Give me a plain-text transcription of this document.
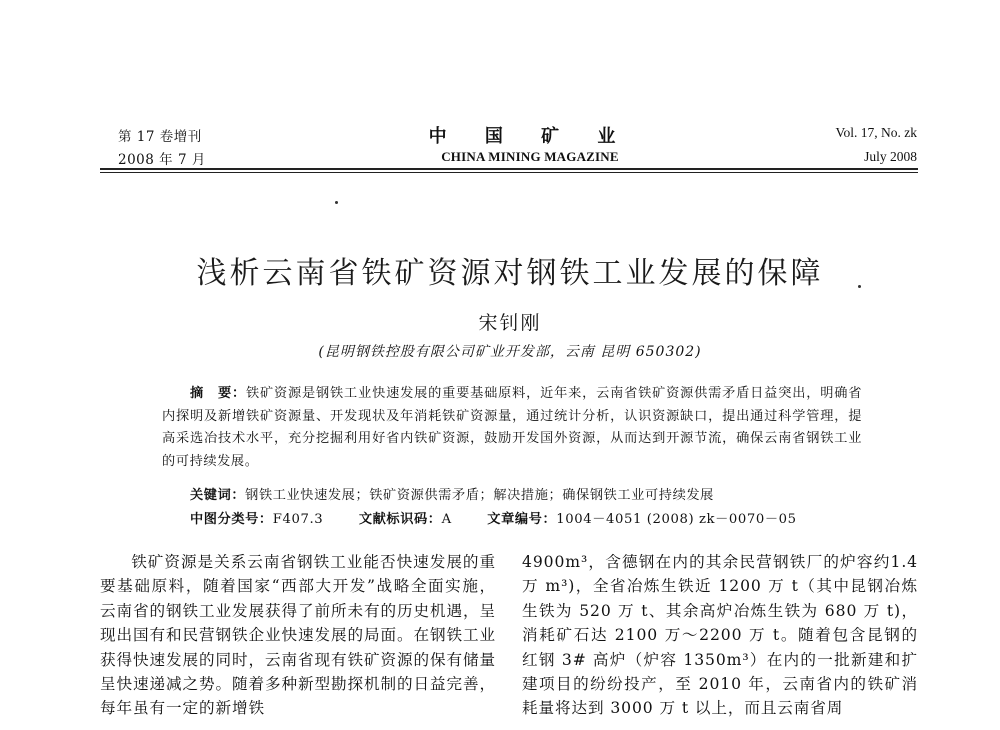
第 17 卷增刊
2008 年 7 月
中 国 矿 业
CHINA MINING MAGAZINE
Vol. 17, No. zk
July 2008
浅析云南省铁矿资源对钢铁工业发展的保障
宋钊刚
(昆明钢铁控股有限公司矿业开发部，云南 昆明 650302)
摘　要：铁矿资源是钢铁工业快速发展的重要基础原料，近年来，云南省铁矿资源供需矛盾日益突出，明确省内探明及新增铁矿资源量、开发现状及年消耗铁矿资源量，通过统计分析，认识资源缺口，提出通过科学管理，提高采选冶技术水平，充分挖掘利用好省内铁矿资源，鼓励开发国外资源，从而达到开源节流，确保云南省钢铁工业的可持续发展。
关键词：钢铁工业快速发展；铁矿资源供需矛盾；解决措施；确保钢铁工业可持续发展
中图分类号：F407.3	文献标识码：A	文章编号：1004－4051 (2008) zk－0070－05

铁矿资源是关系云南省钢铁工业能否快速发展的重要基础原料，随着国家“西部大开发”战略全面实施，云南省的钢铁工业发展获得了前所未有的历史机遇，呈现出国有和民营钢铁企业快速发展的局面。在钢铁工业获得快速发展的同时，云南省现有铁矿资源的保有储量呈快速递减之势。随着多种新型勘探机制的日益完善，每年虽有一定的新增铁

4900m³，含德钢在内的其余民营钢铁厂的炉容约1.4 万 m³)，全省冶炼生铁近 1200 万 t（其中昆钢冶炼生铁为 520 万 t、其余高炉冶炼生铁为 680 万 t)，消耗矿石达 2100 万～2200 万 t。随着包含昆钢的红钢 3# 高炉（炉容 1350m³）在内的一批新建和扩建项目的纷纷投产，至 2010 年，云南省内的铁矿消耗量将达到 3000 万 t 以上，而且云南省周
